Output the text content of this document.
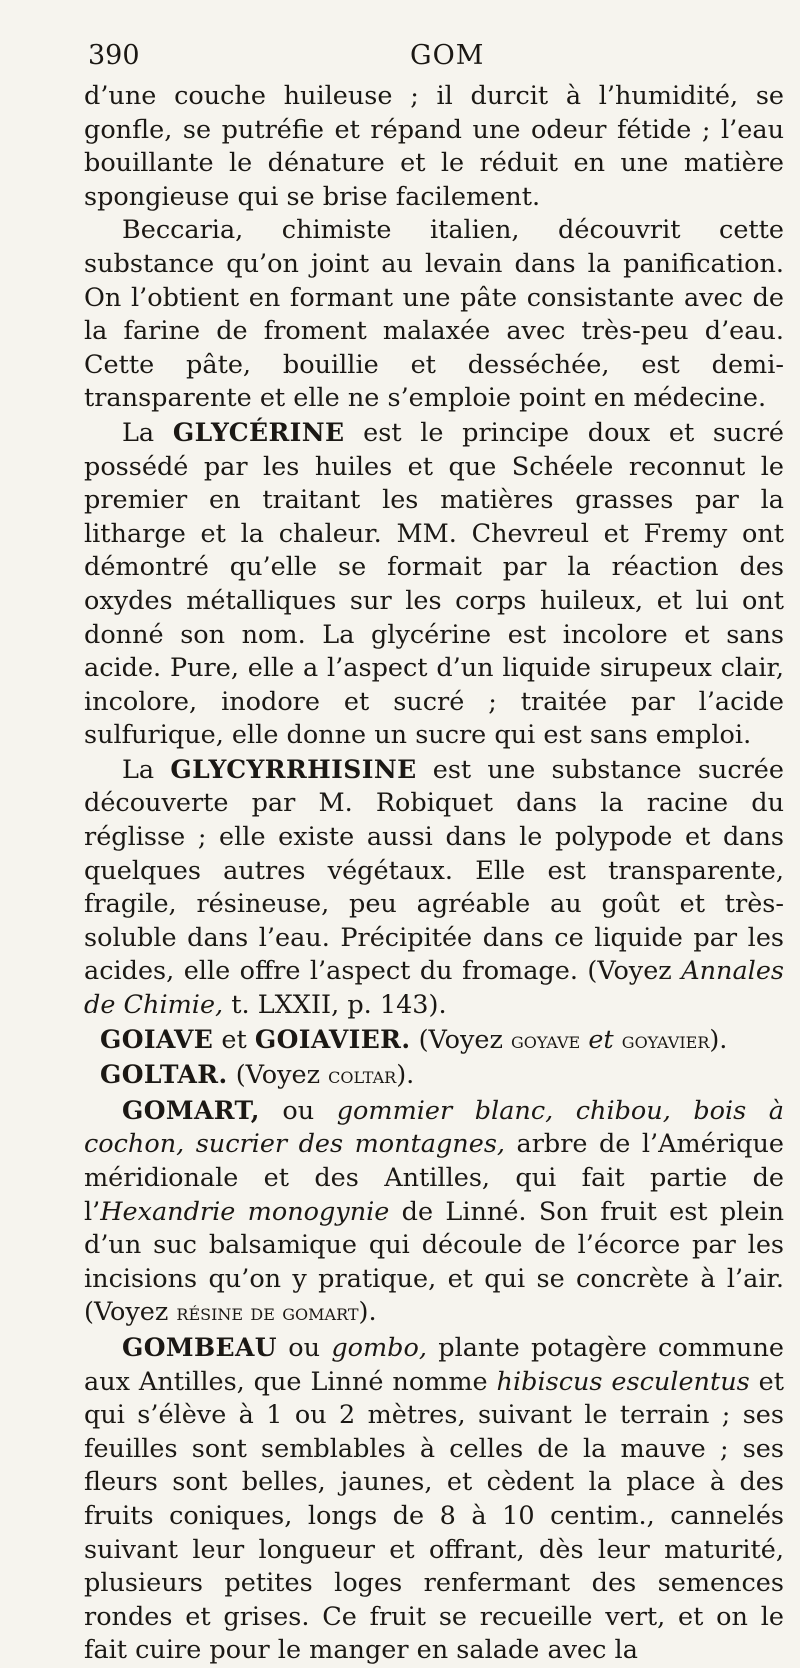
390	GOM

d’une couche huileuse ; il durcit à l’humidité, se gonfle, se putréfie et répand une odeur fétide ; l’eau bouillante le dénature et le réduit en une matière spongieuse qui se brise facilement.

Beccaria, chimiste italien, découvrit cette substance qu’on joint au levain dans la panification. On l’obtient en formant une pâte consistante avec de la farine de froment malaxée avec très-peu d’eau. Cette pâte, bouillie et desséchée, est demi-transparente et elle ne s’emploie point en médecine.

La GLYCÉRINE est le principe doux et sucré possédé par les huiles et que Schéele reconnut le premier en traitant les matières grasses par la litharge et la chaleur. MM. Chevreul et Fremy ont démontré qu’elle se formait par la réaction des oxydes métalliques sur les corps huileux, et lui ont donné son nom. La glycérine est incolore et sans acide. Pure, elle a l’aspect d’un liquide sirupeux clair, incolore, inodore et sucré ; traitée par l’acide sulfurique, elle donne un sucre qui est sans emploi.

La GLYCYRRHISINE est une substance sucrée découverte par M. Robiquet dans la racine du réglisse ; elle existe aussi dans le polypode et dans quelques autres végétaux. Elle est transparente, fragile, résineuse, peu agréable au goût et très-soluble dans l’eau. Précipitée dans ce liquide par les acides, elle offre l’aspect du fromage. (Voyez Annales de Chimie, t. LXXII, p. 143).

GOIAVE et GOIAVIER. (Voyez goyave et goyavier).

GOLTAR. (Voyez coltar).

GOMART, ou gommier blanc, chibou, bois à cochon, sucrier des montagnes, arbre de l’Amérique méridionale et des Antilles, qui fait partie de l’Hexandrie monogynie de Linné. Son fruit est plein d’un suc balsamique qui découle de l’écorce par les incisions qu’on y pratique, et qui se concrète à l’air. (Voyez résine de gomart).

GOMBEAU ou gombo, plante potagère commune aux Antilles, que Linné nomme hibiscus esculentus et qui s’élève à 1 ou 2 mètres, suivant le terrain ; ses feuilles sont semblables à celles de la mauve ; ses fleurs sont belles, jaunes, et cèdent la place à des fruits coniques, longs de 8 à 10 centim., cannelés suivant leur longueur et offrant, dès leur maturité, plusieurs petites loges renfermant des semences rondes et grises. Ce fruit se recueille vert, et on le fait cuire pour le manger en salade avec la
